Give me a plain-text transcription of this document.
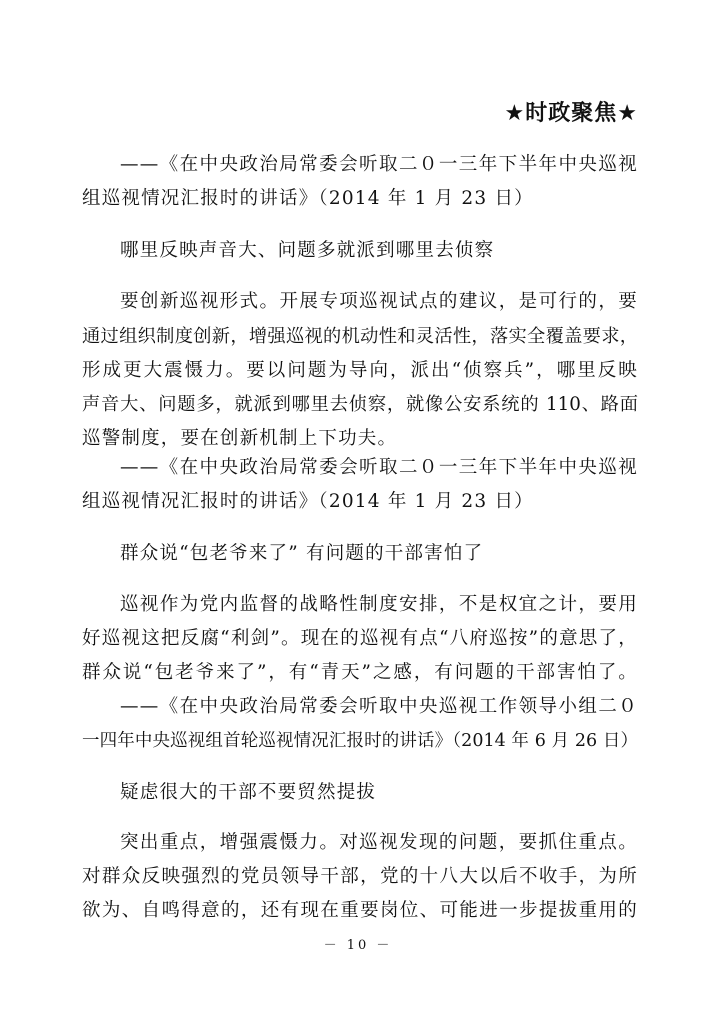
★时政聚焦★
——《在中央政治局常委会听取二０一三年下半年中央巡视
组巡视情况汇报时的讲话》（2014 年 1 月 23 日）
哪里反映声音大、问题多就派到哪里去侦察
要创新巡视形式。开展专项巡视试点的建议，是可行的，要
通过组织制度创新，增强巡视的机动性和灵活性，落实全覆盖要求，
形成更大震慑力。要以问题为导向，派出“侦察兵”，哪里反映
声音大、问题多，就派到哪里去侦察，就像公安系统的 110、路面
巡警制度，要在创新机制上下功夫。
——《在中央政治局常委会听取二０一三年下半年中央巡视
组巡视情况汇报时的讲话》（2014 年 1 月 23 日）
群众说“包老爷来了” 有问题的干部害怕了
巡视作为党内监督的战略性制度安排，不是权宜之计，要用
好巡视这把反腐“利剑”。现在的巡视有点“八府巡按”的意思了，
群众说“包老爷来了”，有“青天”之感，有问题的干部害怕了。
——《在中央政治局常委会听取中央巡视工作领导小组二０
一四年中央巡视组首轮巡视情况汇报时的讲话》（2014 年 6 月 26 日）
疑虑很大的干部不要贸然提拔
突出重点，增强震慑力。对巡视发现的问题，要抓住重点。
对群众反映强烈的党员领导干部，党的十八大以后不收手，为所
欲为、自鸣得意的，还有现在重要岗位、可能进一步提拔重用的
－ 10 －
